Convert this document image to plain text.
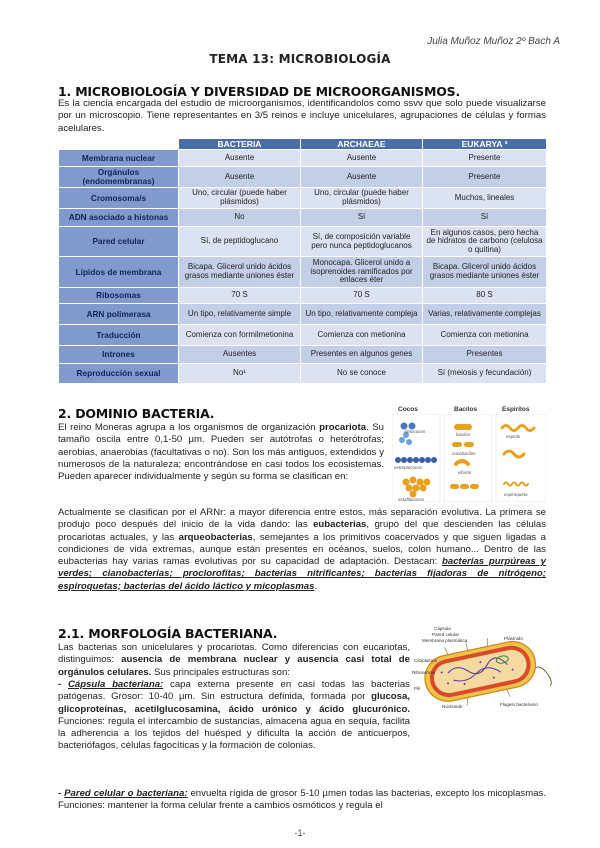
Julia Muñoz Muñoz 2º Bach A
TEMA 13: MICROBIOLOGÍA
1. MICROBIOLOGÍA Y DIVERSIDAD DE MICROORGANISMOS.
Es la ciencia encargada del estudio de microorganismos, identificandolos como ssvv que solo puede visualizarse por un microscopio. Tiene representantes en 3/5 reinos e incluye unicelulares, agrupaciones de células y formas acelulares.
	BACTERIA	ARCHAEAE	EUKARYA ³
Membrana nuclear	Ausente	Ausente	Presente
Orgánulos (endomembranas)	Ausente	Ausente	Presente
Cromosoma/s	Uno, circular (puede haber plásmidos)	Uno, circular (puede haber plásmidos)	Muchos, lineales
ADN asociado a histonas	No	Sí	Sí
Pared celular	Sí, de peptidoglucano	Sí, de composición variable pero nunca peptidoglucanos	En algunos casos, pero hecha de hidratos de carbono (celulosa o quitina)
Lípidos de membrana	Bicapa. Glicerol unido ácidos grasos mediante uniones éster	Monocapa. Glicerol unido a isoprenoides ramificados por enlaces éter	Bicapa. Glicerol unido ácidos grasos mediante uniones éster
Ribosomas	70 S	70 S	80 S
ARN polimerasa	Un tipo, relativamente simple	Un tipo, relativamente compleja	Varias, relativamente complejas
Traducción	Comienza con formilmetionina	Comienza con metionina	Comienza con metionina
Intrones	Ausentes	Presentes en algunos genes	Presentes
Reproducción sexual	No¹	No se conoce	Sí (meiosis y fecundación)
2. DOMINIO BACTERIA.
El reino Moneras agrupa a los organismos de organización procariota. Su tamaño oscila entre 0,1-50 µm. Pueden ser autótrofas o heterótrofas; aerobias, anaerobias (facultativas o no). Son los más antiguos, extendidos y numerosos de la naturaleza; encontrándose en casi todos los ecosistemas. Pueden aparecer individualmente y según su forma se clasifican en:
Cocos	Bacilos	Espirilos
diplococos
estreptococos
estafilococos
bacilos
cocobacilos
vibrión
espirilo
espiroqueta
Actualmente se clasifican por el ARNr: a mayor diferencia entre estos, más separación evolutiva. La primera se produjo poco después del inicio de la vida dando: las eubacterias, grupo del que descienden las células procariotas actuales, y las arqueobacterias, semejantes a los primitivos coacervados y que siguen ligadas a condiciones de vida extremas, aunque están presentes en océanos, suelos, colon humano... Dentro de las eubacterias hay varias ramas evolutivas por su capacidad de adaptación. Destacan: bacterias purpúreas y verdes; cianobacterias; proclorofitas; bacterias nitrificantes; bacterias fijadoras de nitrógeno; espiroquetas; bacterias del ácido láctico y micoplasmas.
2.1. MORFOLOGÍA BACTERIANA.
Las bacterias son unicelulares y procariotas. Como diferencias con eucariotas, distinguimos: ausencia de membrana nuclear y ausencia casi total de orgánulos celulares. Sus principales estructuras son:
- Cápsula bacteriana: capa externa presente en casi todas las bacterias patógenas. Grosor: 10-40 µm. Sin estructura definida, formada por glucosa, glicoproteínas, acetilglucosamina, ácido urónico y ácido glucurónico. Funciones: regula el intercambio de sustancias, almacena agua en sequía, facilita la adherencia a los tejidos del huésped y dificulta la acción de anticuerpos, bacteriófagos, células fagocíticas y la formación de colonias.
- Pared celular o bacteriana: envuelta rígida de grosor 5-10 µmen todas las bacterias, excepto los micoplasmas. Funciones: mantener la forma celular frente a cambios osmóticos y regula el
Cápsula
Pared celular
Membrana plasmática
Citoplasma
Ribosomas
Plásmido
Pili
Nucleoide	Flagelo bacteriano
-1-
